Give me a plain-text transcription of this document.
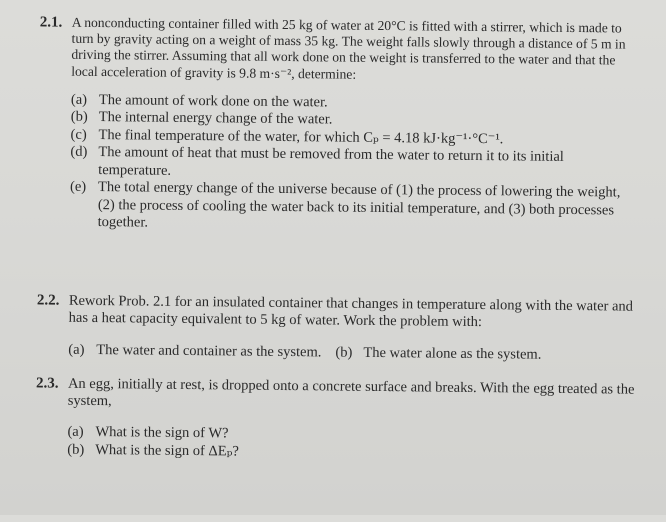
2.1. A nonconducting container filled with 25 kg of water at 20°C is fitted with a stirrer, which is made to turn by gravity acting on a weight of mass 35 kg. The weight falls slowly through a distance of 5 m in driving the stirrer. Assuming that all work done on the weight is transferred to the water and that the local acceleration of gravity is 9.8 m·s⁻², determine:
(a) The amount of work done on the water.
(b) The internal energy change of the water.
(c) The final temperature of the water, for which Cₚ = 4.18 kJ·kg⁻¹·°C⁻¹.
(d) The amount of heat that must be removed from the water to return it to its initial temperature.
(e) The total energy change of the universe because of (1) the process of lowering the weight, (2) the process of cooling the water back to its initial temperature, and (3) both processes together.
2.2. Rework Prob. 2.1 for an insulated container that changes in temperature along with the water and has a heat capacity equivalent to 5 kg of water. Work the problem with:
(a) The water and container as the system. (b) The water alone as the system.
2.3. An egg, initially at rest, is dropped onto a concrete surface and breaks. With the egg treated as the system,
(a) What is the sign of W?
(b) What is the sign of ΔEₚ?
